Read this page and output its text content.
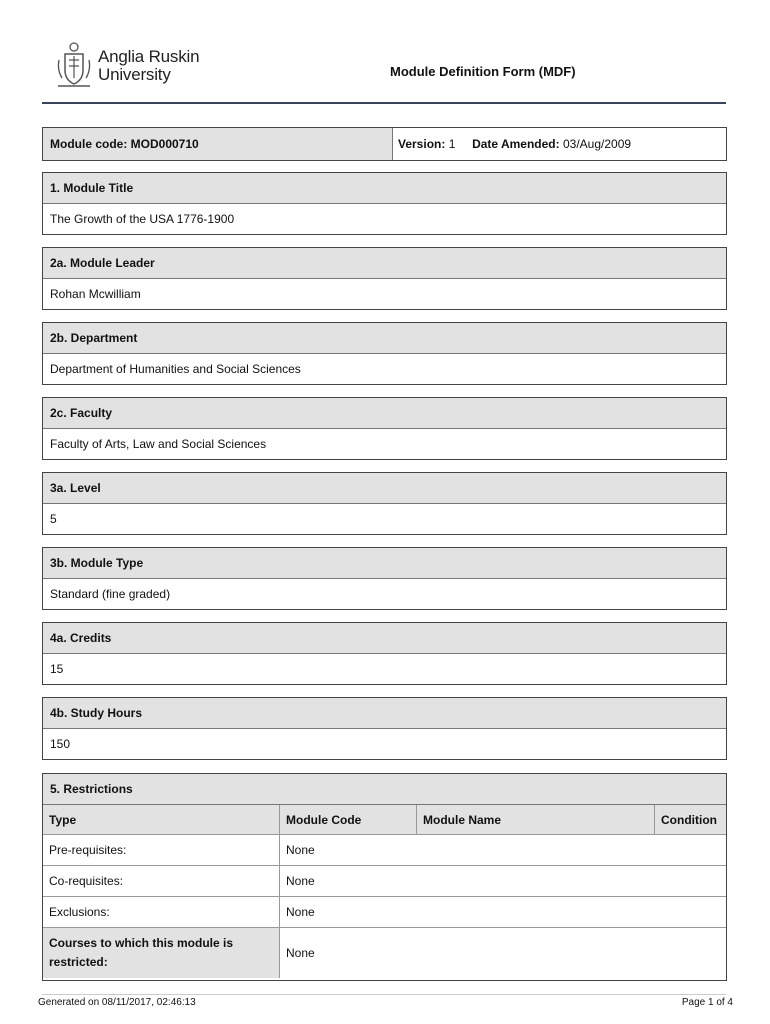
Anglia Ruskin
University	Module Definition Form (MDF)
Module code: MOD000710	Version: 1 Date Amended: 03/Aug/2009
1. Module Title
The Growth of the USA 1776-1900
2a. Module Leader
Rohan Mcwilliam
2b. Department
Department of Humanities and Social Sciences
2c. Faculty
Faculty of Arts, Law and Social Sciences
3a. Level
5
3b. Module Type
Standard (fine graded)
4a. Credits
15
4b. Study Hours
150
5. Restrictions
Type	Module Code	Module Name	Condition
Pre-requisites:	None
Co-requisites:	None
Exclusions:	None
Courses to which this module is restricted:
None
Generated on 08/11/2017, 02:46:13	Page 1 of 4
